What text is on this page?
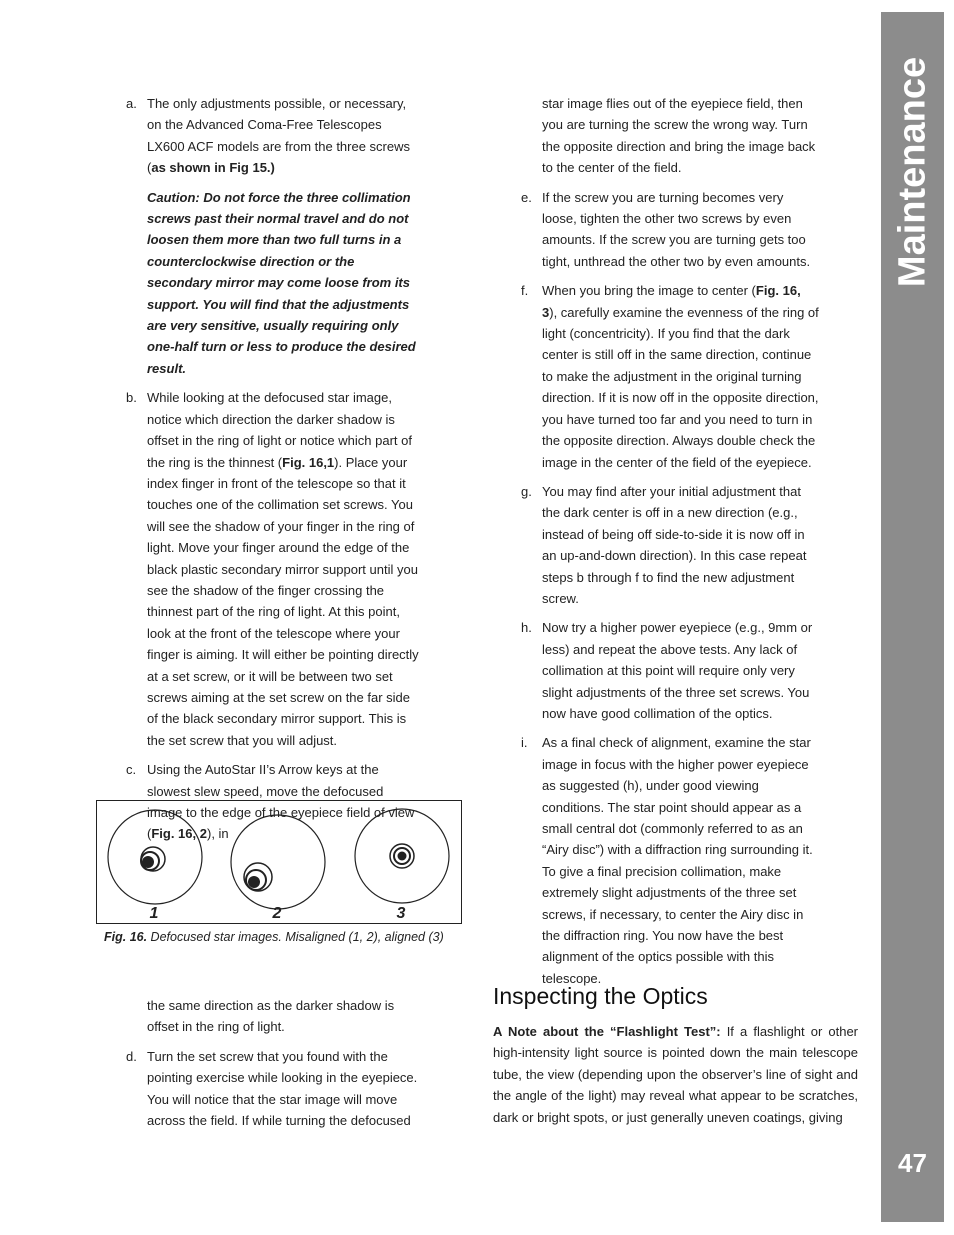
Maintenance
47
a. The only adjustments possible, or necessary, on the Advanced Coma-Free Telescopes LX600 ACF models are from the three screws (as shown in Fig 15.)
Caution: Do not force the three collimation screws past their normal travel and do not loosen them more than two full turns in a counterclockwise direction or the secondary mirror may come loose from its support. You will find that the adjustments are very sensitive, usually requiring only one-half turn or less to produce the desired result.
b. While looking at the defocused star image, notice which direction the darker shadow is offset in the ring of light or notice which part of the ring is the thinnest (Fig. 16,1). Place your index finger in front of the telescope so that it touches one of the collimation set screws. You will see the shadow of your finger in the ring of light. Move your finger around the edge of the black plastic secondary mirror support until you see the shadow of the finger crossing the thinnest part of the ring of light. At this point, look at the front of the telescope where your finger is aiming. It will either be pointing directly at a set screw, or it will be between two set screws aiming at the set screw on the far side of the black secondary mirror support. This is the set screw that you will adjust.
c. Using the AutoStar II’s Arrow keys at the slowest slew speed, move the defocused image to the edge of the eyepiece field of view (Fig. 16, 2), in
1	2	3
Fig. 16. Defocused star images. Misaligned (1, 2), aligned (3)
the same direction as the darker shadow is offset in the ring of light.
d. Turn the set screw that you found with the pointing exercise while looking in the eyepiece. You will notice that the star image will move across the field. If while turning the defocused
star image flies out of the eyepiece field, then you are turning the screw the wrong way. Turn the opposite direction and bring the image back to the center of the field.
e. If the screw you are turning becomes very loose, tighten the other two screws by even amounts. If the screw you are turning gets too tight, unthread the other two by even amounts.
f. When you bring the image to center (Fig. 16, 3), carefully examine the evenness of the ring of light (concentricity). If you find that the dark center is still off in the same direction, continue to make the adjustment in the original turning direction. If it is now off in the opposite direction, you have turned too far and you need to turn in the opposite direction. Always double check the image in the center of the field of the eyepiece.
g. You may find after your initial adjustment that the dark center is off in a new direction (e.g., instead of being off side-to-side it is now off in an up-and-down direction). In this case repeat steps b through f to find the new adjustment screw.
h. Now try a higher power eyepiece (e.g., 9mm or less) and repeat the above tests. Any lack of collimation at this point will require only very slight adjustments of the three set screws. You now have good collimation of the optics.
i. As a final check of alignment, examine the star image in focus with the higher power eyepiece as suggested (h), under good viewing conditions. The star point should appear as a small central dot (commonly referred to as an “Airy disc”) with a diffraction ring surrounding it. To give a final precision collimation, make extremely slight adjustments of the three set screws, if necessary, to center the Airy disc in the diffraction ring. You now have the best alignment of the optics possible with this telescope.
Inspecting the Optics
A Note about the “Flashlight Test”: If a flashlight or other high-intensity light source is pointed down the main telescope tube, the view (depending upon the observer’s line of sight and the angle of the light) may reveal what appear to be scratches, dark or bright spots, or just generally uneven coatings, giving
